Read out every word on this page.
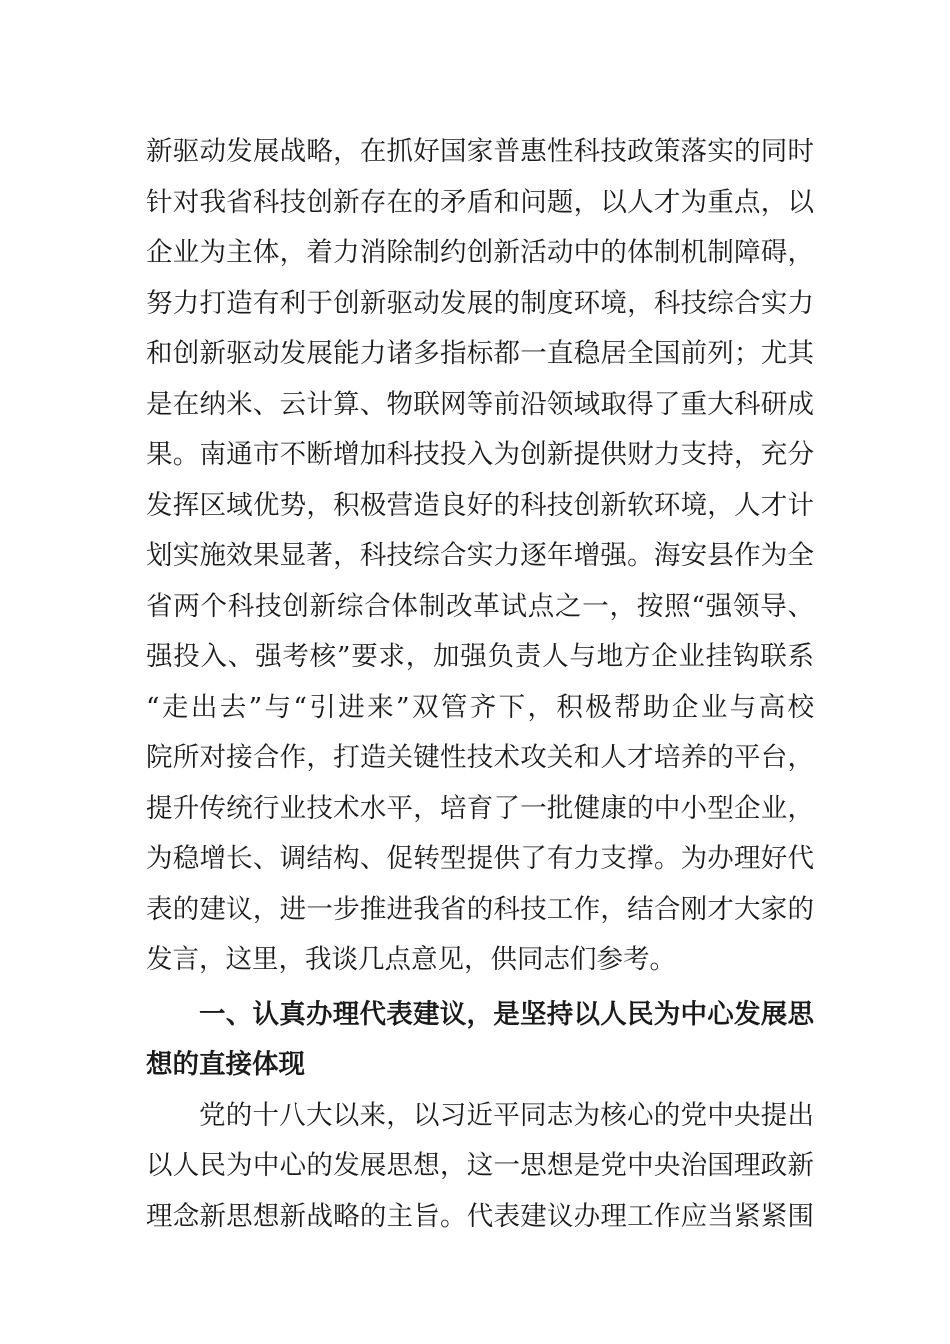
新驱动发展战略，在抓好国家普惠性科技政策落实的同时
针对我省科技创新存在的矛盾和问题，以人才为重点，以
企业为主体，着力消除制约创新活动中的体制机制障碍，
努力打造有利于创新驱动发展的制度环境，科技综合实力
和创新驱动发展能力诸多指标都一直稳居全国前列；尤其
是在纳米、云计算、物联网等前沿领域取得了重大科研成
果。南通市不断增加科技投入为创新提供财力支持，充分
发挥区域优势，积极营造良好的科技创新软环境，人才计
划实施效果显著，科技综合实力逐年增强。海安县作为全
省两个科技创新综合体制改革试点之一，按照“强领导、
强投入、强考核”要求，加强负责人与地方企业挂钩联系
“走出去”与“引进来”双管齐下，积极帮助企业与高校
院所对接合作，打造关键性技术攻关和人才培养的平台，
提升传统行业技术水平，培育了一批健康的中小型企业，
为稳增长、调结构、促转型提供了有力支撑。为办理好代
表的建议，进一步推进我省的科技工作，结合刚才大家的
发言，这里，我谈几点意见，供同志们参考。
一、认真办理代表建议，是坚持以人民为中心发展思
想的直接体现
党的十八大以来，以习近平同志为核心的党中央提出
以人民为中心的发展思想，这一思想是党中央治国理政新
理念新思想新战略的主旨。代表建议办理工作应当紧紧围
